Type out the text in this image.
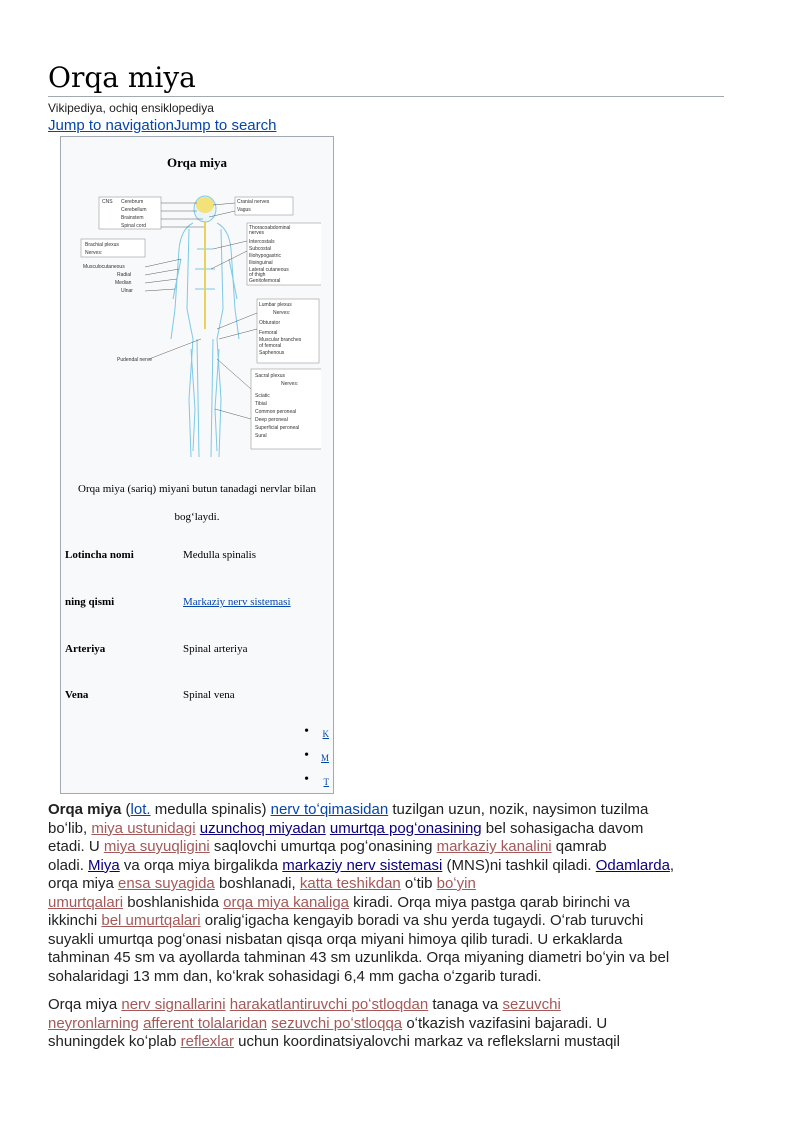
Orqa miya
Vikipediya, ochiq ensiklopediya
Jump to navigationJump to search
Orqa miya
CNS Cerebrum
Cerebellum
Brainstem
Spinal cord
Cranial nerves
Vagus
Thoracoabdominal
nerves
Intercostals
Subcostal
Iliohypogastric
Ilioinguinal
Lateral cutaneous
of thigh
Genitofemoral
Brachial plexus
Nerves:
Musculocutaneous
Radial
Median
Ulnar
Lumbar plexus
Nerves:
Obturator
Femoral
Muscular branches
of femoral
Saphenous
Pudendal nerve
Sacral plexus
Nerves:
Sciatic
Tibial
Common peroneal
Deep peroneal
Superficial peroneal
Sural
Orqa miya (sariq) miyani butun tanadagi nervlar bilan
bog‘laydi.
Lotincha nomi	Medulla spinalis
ning qismi	Markaziy nerv sistemasi
Arteriya	Spinal arteriya
Vena	Spinal vena
• K
• M
• T

Orqa miya (lot. medulla spinalis) nerv toʻqimasidan tuzilgan uzun, nozik, naysimon tuzilma
boʻlib, miya ustunidagi uzunchoq miyadan umurtqa pogʻonasining bel sohasigacha davom
etadi. U miya suyuqligini saqlovchi umurtqa pogʻonasining markaziy kanalini qamrab
oladi. Miya va orqa miya birgalikda markaziy nerv sistemasi (MNS)ni tashkil qiladi. Odamlarda,
orqa miya ensa suyagida boshlanadi, katta teshikdan oʻtib boʻyin
umurtqalari boshlanishida orqa miya kanaliga kiradi. Orqa miya pastga qarab birinchi va
ikkinchi bel umurtqalari oraligʻigacha kengayib boradi va shu yerda tugaydi. Oʻrab turuvchi
suyakli umurtqa pogʻonasi nisbatan qisqa orqa miyani himoya qilib turadi. U erkaklarda
tahminan 45 sm va ayollarda tahminan 43 sm uzunlikda. Orqa miyaning diametri boʻyin va bel
sohalaridagi 13 mm dan, koʻkrak sohasidagi 6,4 mm gacha oʻzgarib turadi.

Orqa miya nerv signallarini harakatlantiruvchi poʻstloqdan tanaga va sezuvchi
neyronlarning afferent tolalaridan sezuvchi poʻstloqqa oʻtkazish vazifasini bajaradi. U
shuningdek koʻplab reflexlar uchun koordinatsiyalovchi markaz va reflekslarni mustaqil
